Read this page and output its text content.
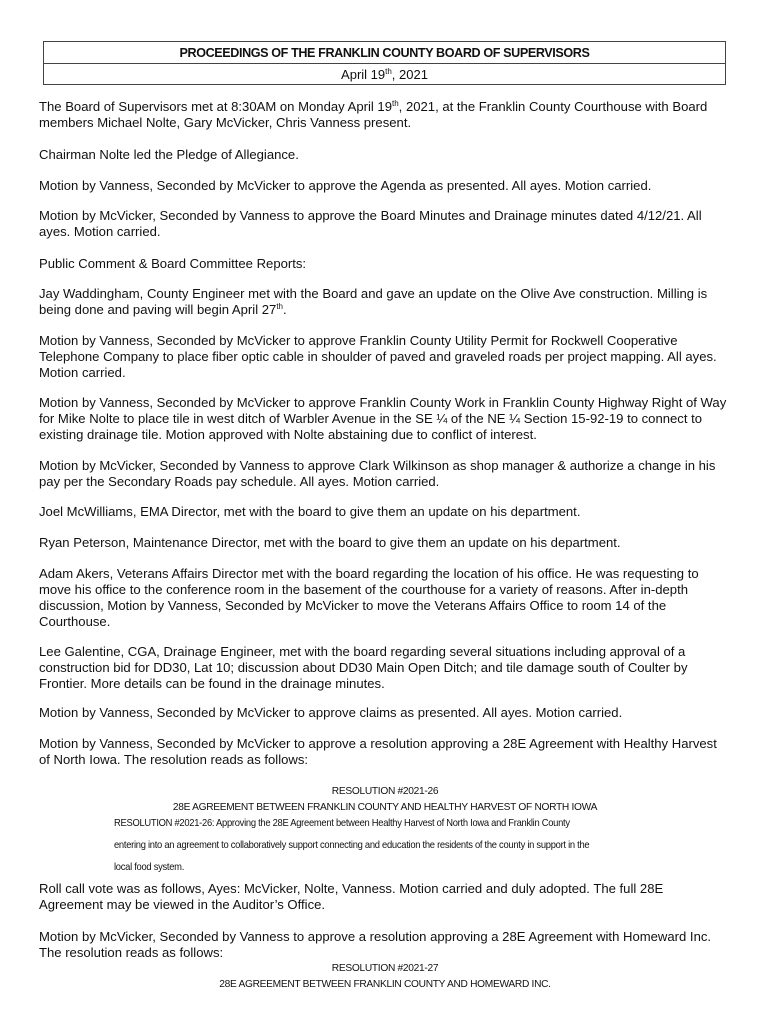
PROCEEDINGS OF THE FRANKLIN COUNTY BOARD OF SUPERVISORS
April 19th, 2021
The Board of Supervisors met at 8:30AM on Monday April 19th, 2021, at the Franklin County Courthouse with Board members Michael Nolte, Gary McVicker, Chris Vanness present.
Chairman Nolte led the Pledge of Allegiance.
Motion by Vanness, Seconded by McVicker to approve the Agenda as presented. All ayes. Motion carried.
Motion by McVicker, Seconded by Vanness to approve the Board Minutes and Drainage minutes dated 4/12/21. All ayes. Motion carried.
Public Comment & Board Committee Reports:
Jay Waddingham, County Engineer met with the Board and gave an update on the Olive Ave construction. Milling is being done and paving will begin April 27th.
Motion by Vanness, Seconded by McVicker to approve Franklin County Utility Permit for Rockwell Cooperative Telephone Company to place fiber optic cable in shoulder of paved and graveled roads per project mapping. All ayes. Motion carried.
Motion by Vanness, Seconded by McVicker to approve Franklin County Work in Franklin County Highway Right of Way for Mike Nolte to place tile in west ditch of Warbler Avenue in the SE ¼ of the NE ¼ Section 15-92-19 to connect to existing drainage tile. Motion approved with Nolte abstaining due to conflict of interest.
Motion by McVicker, Seconded by Vanness to approve Clark Wilkinson as shop manager & authorize a change in his pay per the Secondary Roads pay schedule. All ayes. Motion carried.
Joel McWilliams, EMA Director, met with the board to give them an update on his department.
Ryan Peterson, Maintenance Director, met with the board to give them an update on his department.
Adam Akers, Veterans Affairs Director met with the board regarding the location of his office. He was requesting to move his office to the conference room in the basement of the courthouse for a variety of reasons. After in-depth discussion, Motion by Vanness, Seconded by McVicker to move the Veterans Affairs Office to room 14 of the Courthouse.
Lee Galentine, CGA, Drainage Engineer, met with the board regarding several situations including approval of a construction bid for DD30, Lat 10; discussion about DD30 Main Open Ditch; and tile damage south of Coulter by Frontier. More details can be found in the drainage minutes.
Motion by Vanness, Seconded by McVicker to approve claims as presented. All ayes. Motion carried.
Motion by Vanness, Seconded by McVicker to approve a resolution approving a 28E Agreement with Healthy Harvest of North Iowa. The resolution reads as follows:
RESOLUTION #2021-26
28E AGREEMENT BETWEEN FRANKLIN COUNTY AND HEALTHY HARVEST OF NORTH IOWA
RESOLUTION #2021-26: Approving the 28E Agreement between Healthy Harvest of North Iowa and Franklin County
entering into an agreement to collaboratively support connecting and education the residents of the county in support in the
local food system.
Roll call vote was as follows, Ayes: McVicker, Nolte, Vanness. Motion carried and duly adopted. The full 28E Agreement may be viewed in the Auditor’s Office.
Motion by McVicker, Seconded by Vanness to approve a resolution approving a 28E Agreement with Homeward Inc. The resolution reads as follows:
RESOLUTION #2021-27
28E AGREEMENT BETWEEN FRANKLIN COUNTY AND HOMEWARD INC.
